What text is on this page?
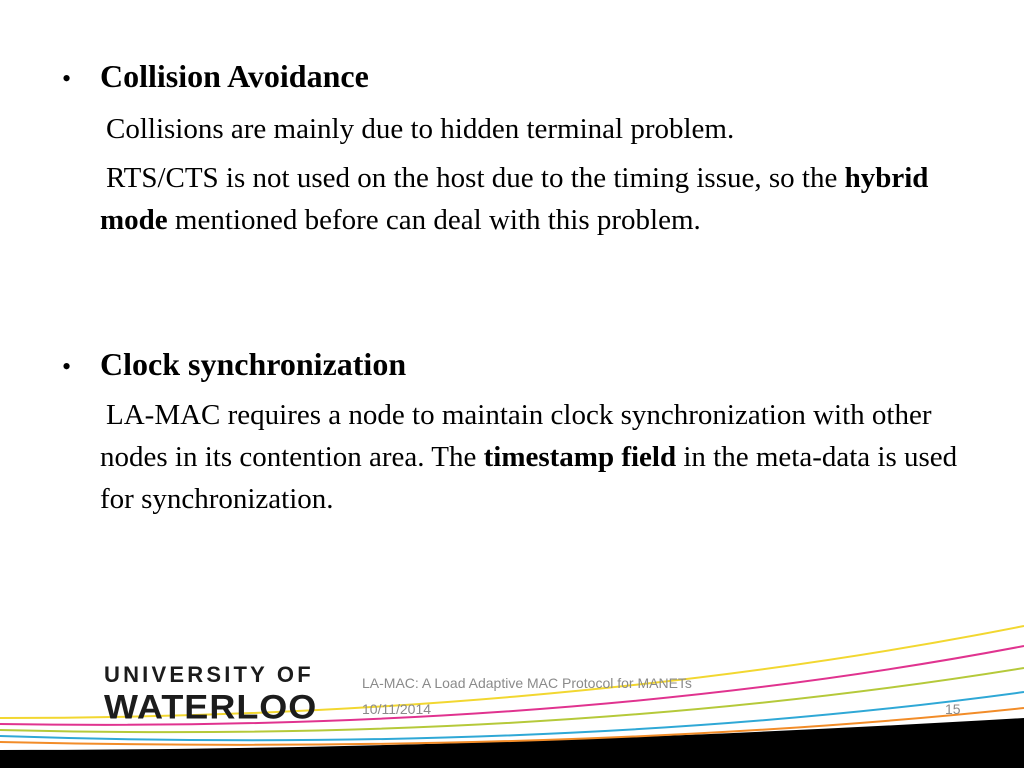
• Collision Avoidance

Collisions are mainly due to hidden terminal problem.

RTS/CTS is not used on the host due to the timing issue, so the hybrid mode mentioned before can deal with this problem.

• Clock synchronization

LA-MAC requires a node to maintain clock synchronization with other nodes in its contention area. The timestamp field in the meta-data is used for synchronization.

UNIVERSITY OF
WATERLOO
LA-MAC: A Load Adaptive MAC Protocol for MANETs
10/11/2014	15
